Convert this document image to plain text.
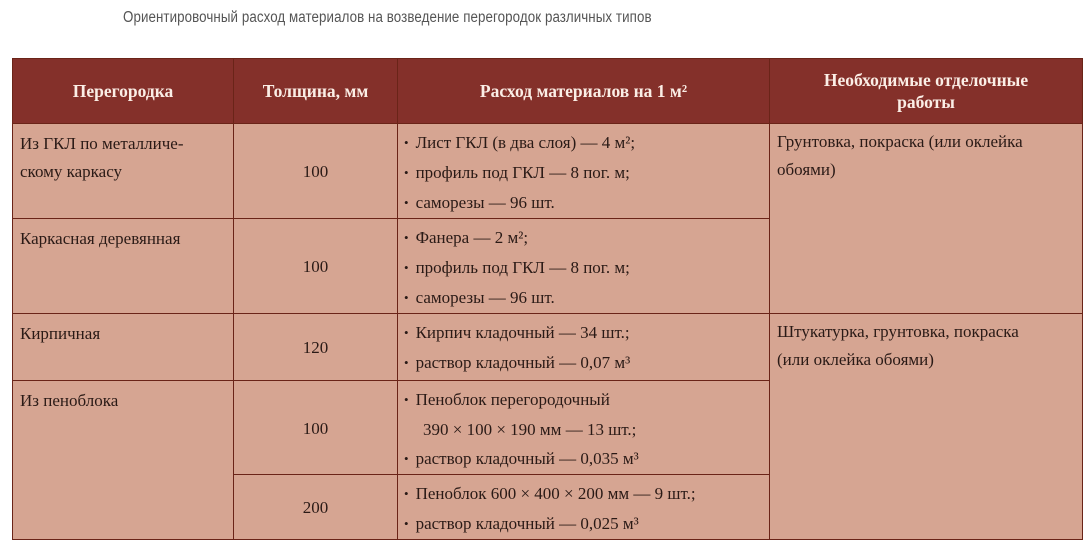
Ориентировочный расход материалов на возведение перегородок различных типов
Перегородка	Толщина, мм	Расход материалов на 1 м²	Необходимые отделочные
работы
Из ГКЛ по металличе-
скому каркасу	100	• Лист ГКЛ (в два слоя) — 4 м²;
• профиль под ГКЛ — 8 пог. м;
• саморезы — 96 шт.	Грунтовка, покраска (или оклейка
обоями)
Каркасная деревянная	100	• Фанера — 2 м²;
• профиль под ГКЛ — 8 пог. м;
• саморезы — 96 шт.

Кирпичная	120	• Кирпич кладочный — 34 шт.;
• раствор кладочный — 0,07 м³	Штукатурка, грунтовка, покраска
(или оклейка обоями)
Из пеноблока	100	• Пеноблок перегородочный
390 × 100 × 190 мм — 13 шт.;
• раствор кладочный — 0,035 м³

	200	• Пеноблок 600 × 400 × 200 мм — 9 шт.;
• раствор кладочный — 0,025 м³
